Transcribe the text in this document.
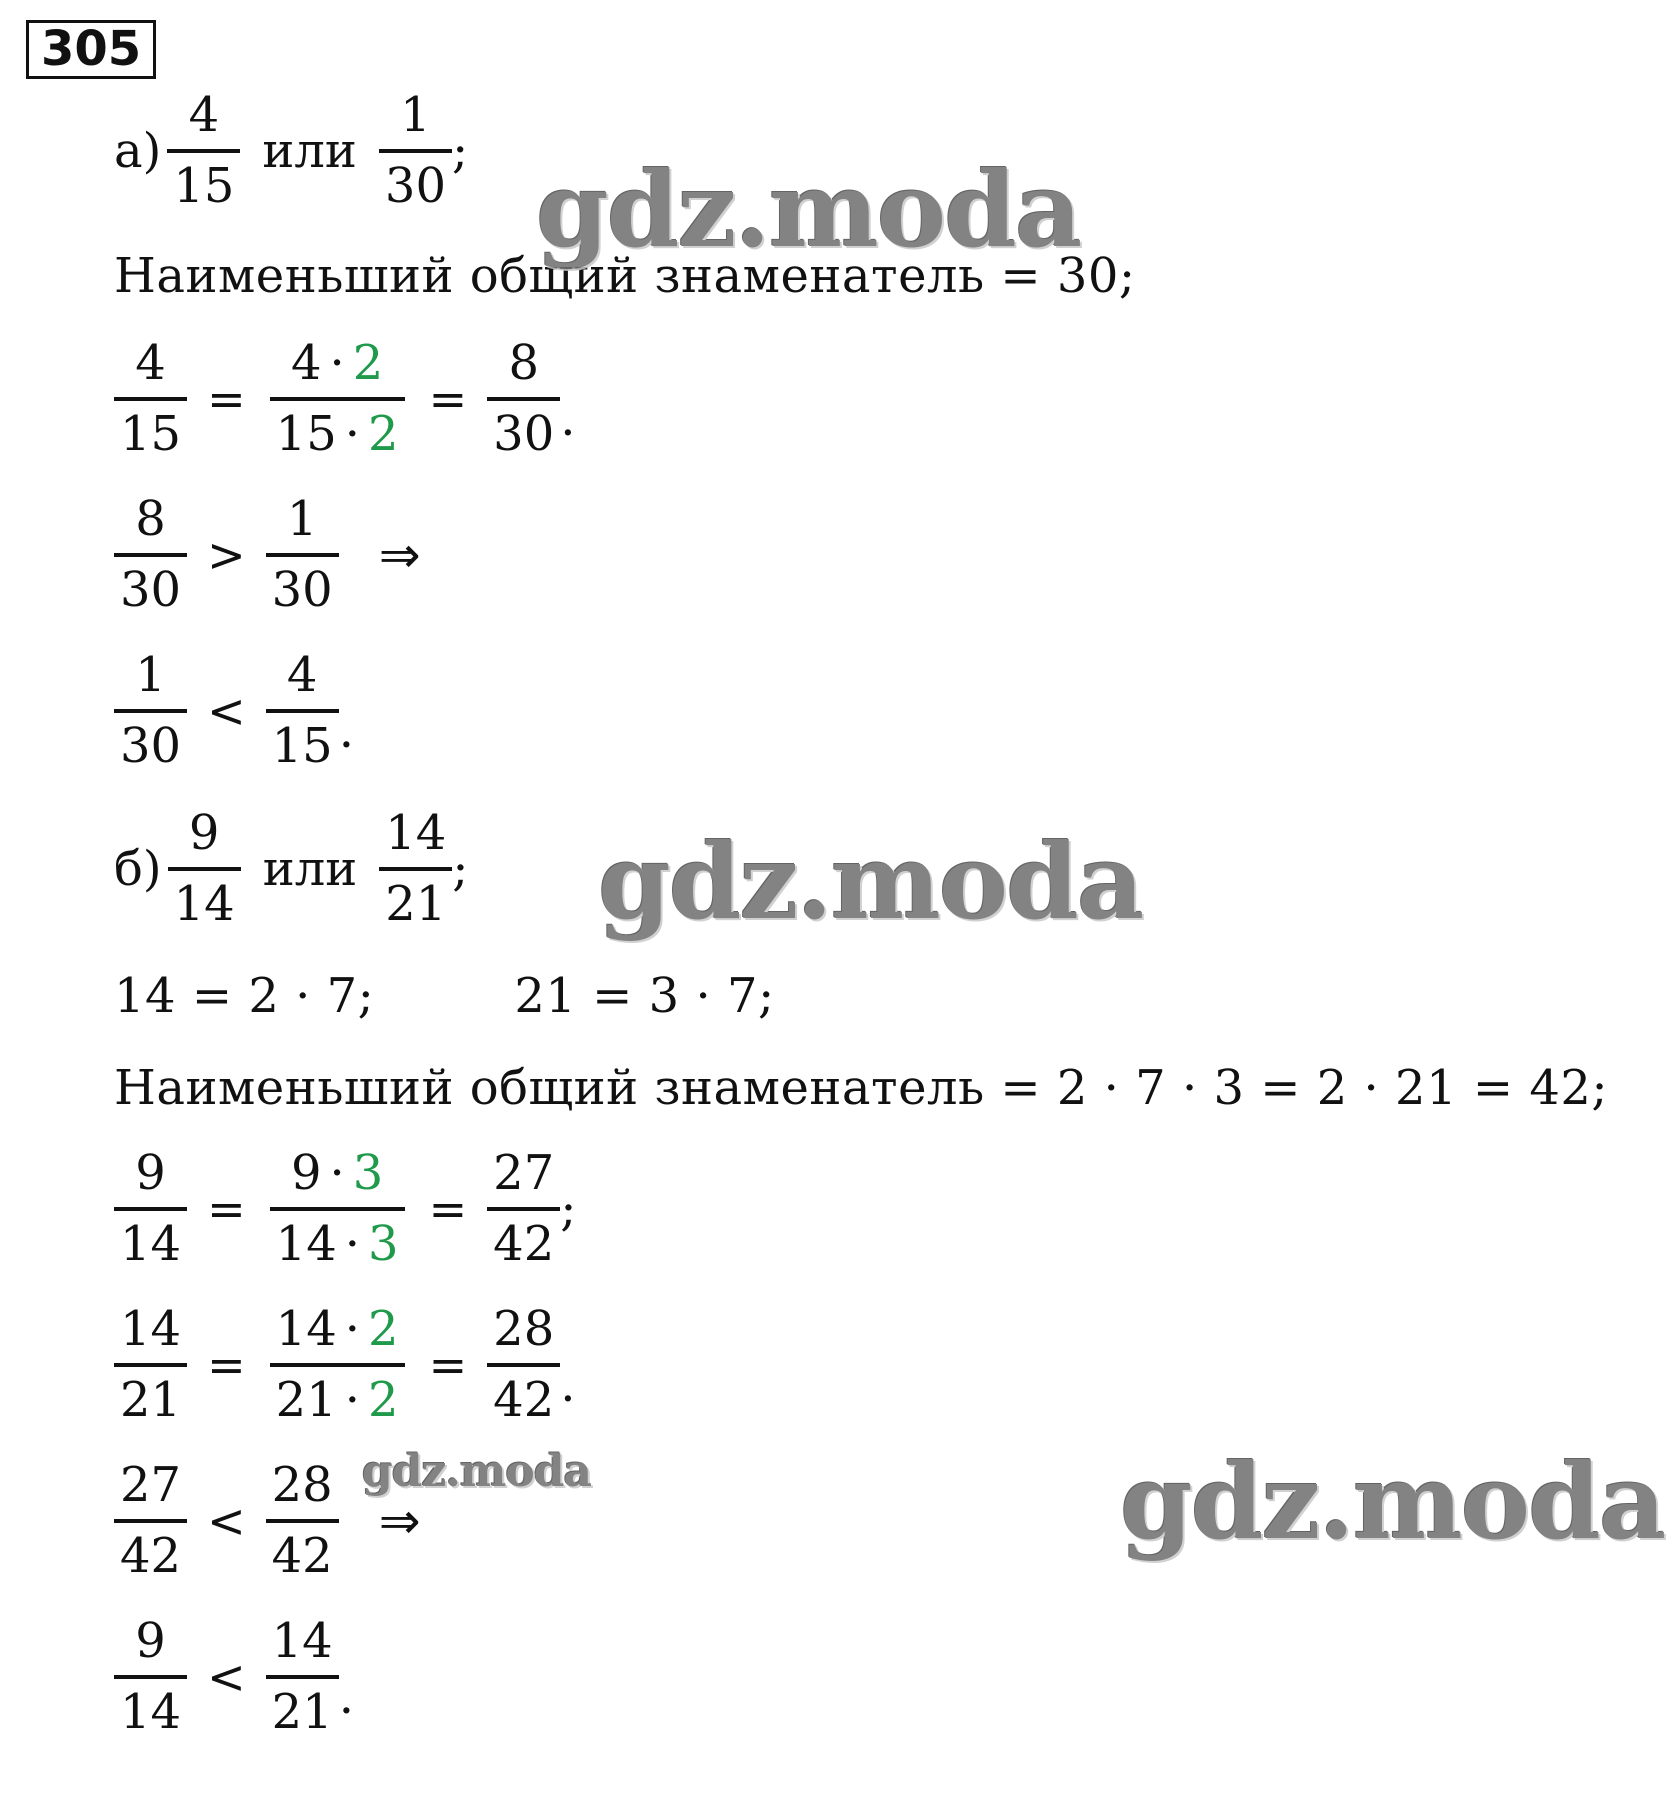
305
$а) \frac{4}{15}$ или $\frac{1}{30}$ ;
Наименьший общий знаменатель = 30;
$\frac{4}{15} = \frac{4 \cdot 2}{15 \cdot 2} = \frac{8}{30}$ .
$\frac{8}{30} > \frac{1}{30}$ ⇒
$\frac{1}{30} < \frac{4}{15}$ .
$б) \frac{9}{14}$ или $\frac{14}{21}$ ;
14 = 2 · 7;	21 = 3 · 7;
Наименьший общий знаменатель = 2 · 7 · 3 = 2 · 21 = 42;
$\frac{9}{14} = \frac{9 \cdot 3}{14 \cdot 3} = \frac{27}{42}$ ;
$\frac{14}{21} = \frac{14 \cdot 2}{21 \cdot 2} = \frac{28}{42}$ .
$\frac{27}{42} < \frac{28}{42}$ ⇒
$\frac{9}{14} < \frac{14}{21}$ .
gdz.moda
gdz.moda
gdz.moda
gdz.moda
